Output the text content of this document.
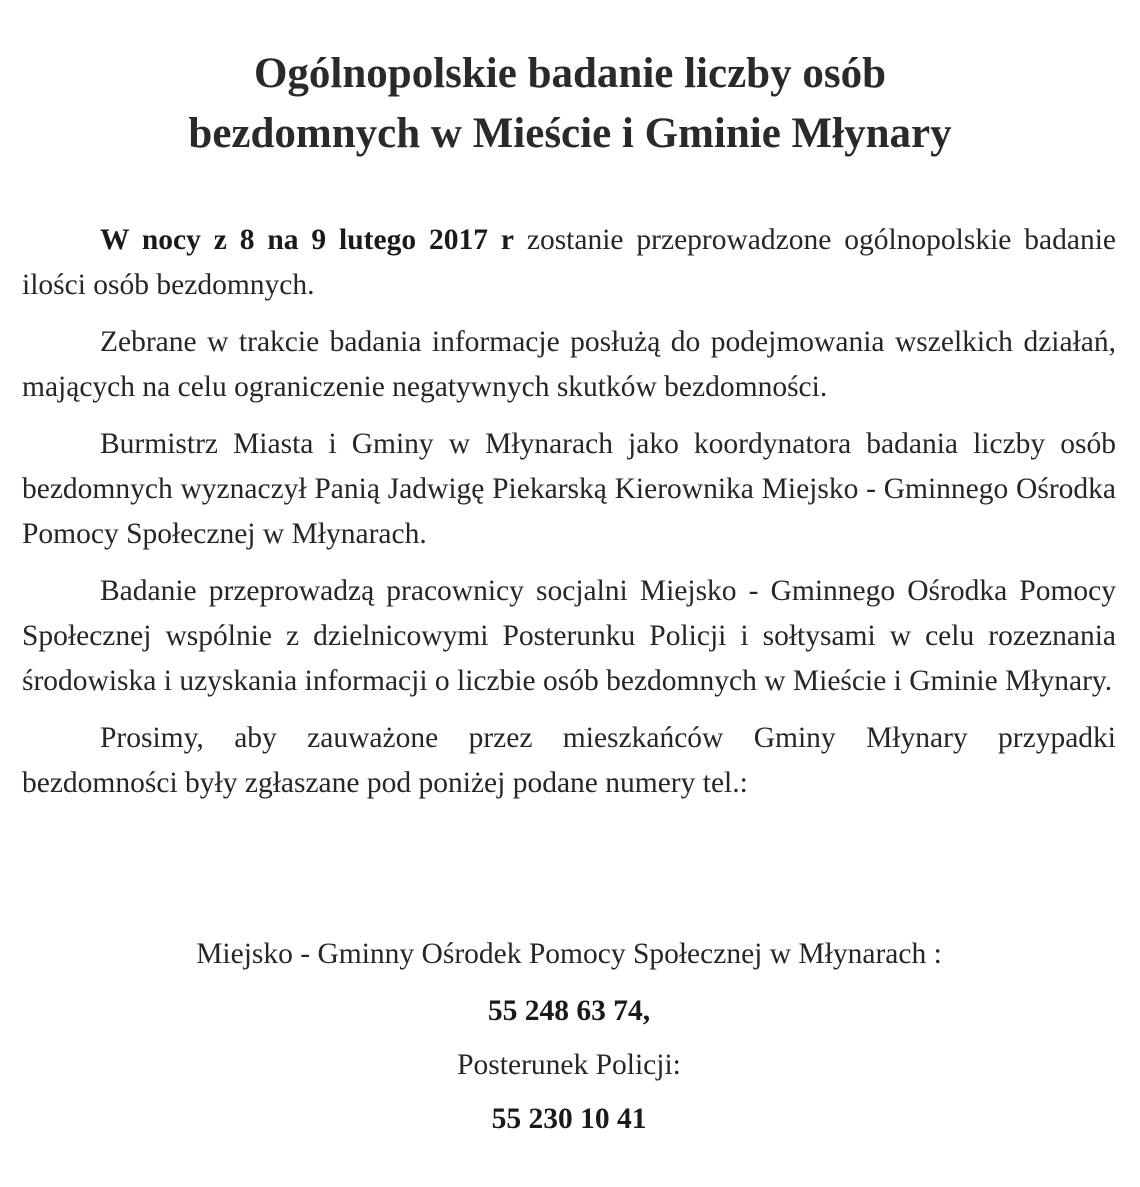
Ogólnopolskie badanie liczby osób
bezdomnych w Mieście i Gminie Młynary

W nocy z 8 na 9 lutego 2017 r zostanie przeprowadzone ogólnopolskie badanie ilości osób bezdomnych.

Zebrane w trakcie badania informacje posłużą do podejmowania wszelkich działań, mających na celu ograniczenie negatywnych skutków bezdomności.

Burmistrz Miasta i Gminy w Młynarach jako koordynatora badania liczby osób bezdomnych wyznaczył Panią Jadwigę Piekarską Kierownika Miejsko - Gminnego Ośrodka Pomocy Społecznej w Młynarach.

Badanie przeprowadzą pracownicy socjalni Miejsko - Gminnego Ośrodka Pomocy Społecznej wspólnie z dzielnicowymi Posterunku Policji i sołtysami w celu rozeznania środowiska i uzyskania informacji o liczbie osób bezdomnych w Mieście i Gminie Młynary.

Prosimy, aby zauważone przez mieszkańców Gminy Młynary przypadki bezdomności były zgłaszane pod poniżej podane numery tel.:

Miejsko - Gminny Ośrodek Pomocy Społecznej w Młynarach :

55 248 63 74,

Posterunek Policji:

55 230 10 41
